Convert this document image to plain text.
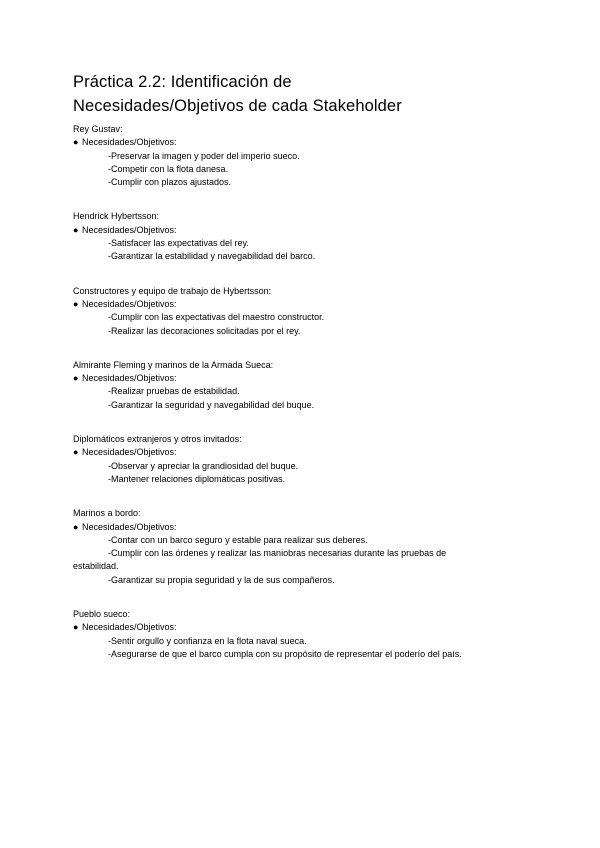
Práctica 2.2: Identificación de
Necesidades/Objetivos de cada Stakeholder
Rey Gustav:
● Necesidades/Objetivos:
-Preservar la imagen y poder del imperio sueco.
-Competir con la flota danesa.
-Cumplir con plazos ajustados.
Hendrick Hybertsson:
● Necesidades/Objetivos:
-Satisfacer las expectativas del rey.
-Garantizar la estabilidad y navegabilidad del barco.
Constructores y equipo de trabajo de Hybertsson:
● Necesidades/Objetivos:
-Cumplir con las expectativas del maestro constructor.
-Realizar las decoraciones solicitadas por el rey.
Almirante Fleming y marinos de la Armada Sueca:
● Necesidades/Objetivos:
-Realizar pruebas de estabilidad.
-Garantizar la seguridad y navegabilidad del buque.
Diplomáticos extranjeros y otros invitados:
● Necesidades/Objetivos:
-Observar y apreciar la grandiosidad del buque.
-Mantener relaciones diplomáticas positivas.
Marinos a bordo:
● Necesidades/Objetivos:
-Contar con un barco seguro y estable para realizar sus deberes.
-Cumplir con las órdenes y realizar las maniobras necesarias durante las pruebas de
estabilidad.
-Garantizar su propia seguridad y la de sus compañeros.
Pueblo sueco:
● Necesidades/Objetivos:
-Sentir orgullo y confianza en la flota naval sueca.
-Asegurarse de que el barco cumpla con su propósito de representar el poderío del país.
